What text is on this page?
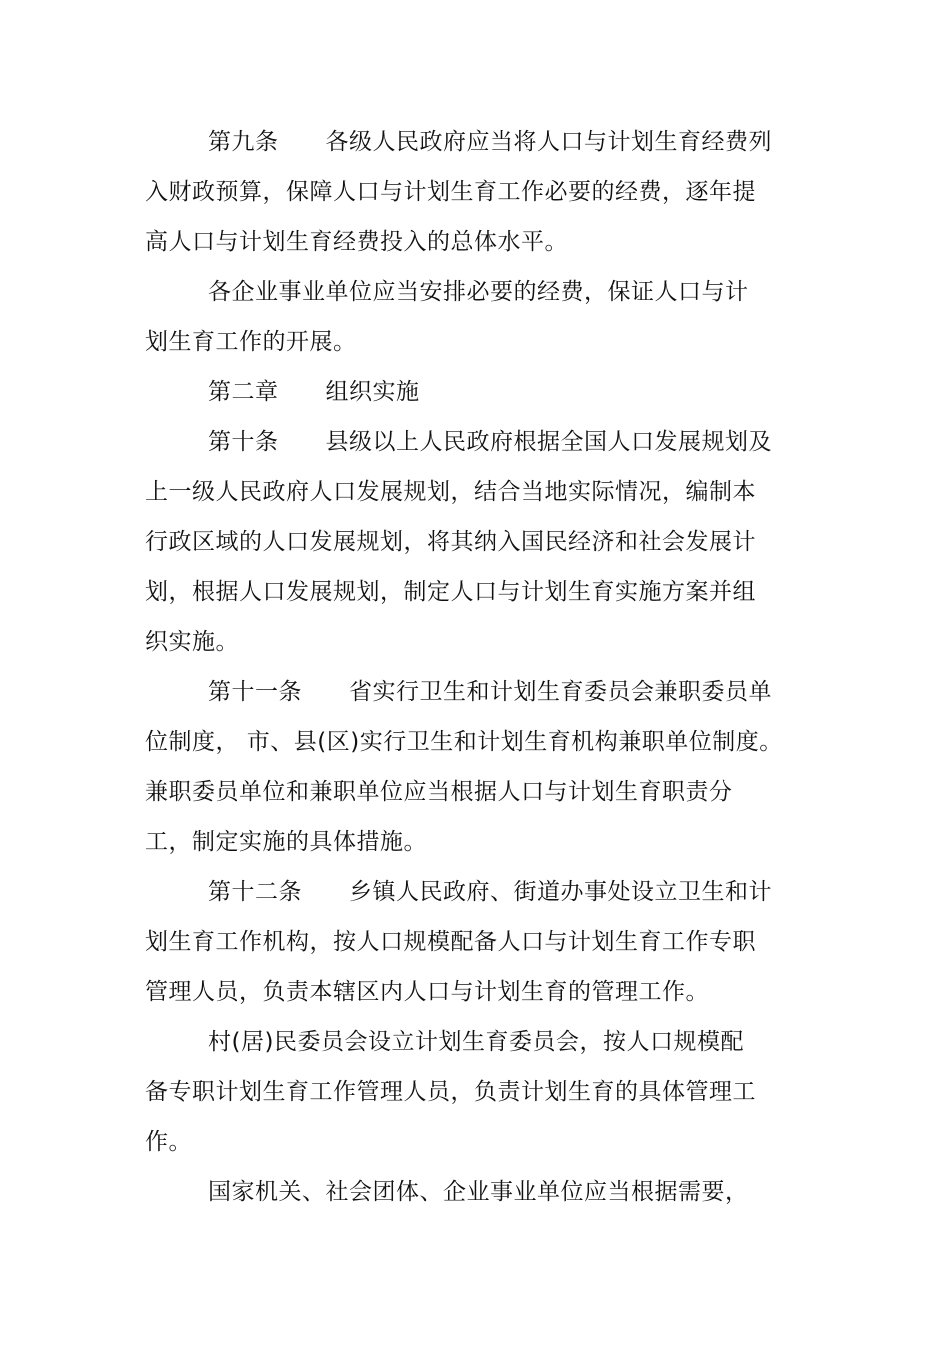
第九条　　各级人民政府应当将人口与计划生育经费列
入财政预算，保障人口与计划生育工作必要的经费，逐年提
高人口与计划生育经费投入的总体水平。
各企业事业单位应当安排必要的经费，保证人口与计
划生育工作的开展。
第二章　　组织实施
第十条　　县级以上人民政府根据全国人口发展规划及
上一级人民政府人口发展规划，结合当地实际情况，编制本
行政区域的人口发展规划，将其纳入国民经济和社会发展计
划，根据人口发展规划，制定人口与计划生育实施方案并组
织实施。
第十一条　　省实行卫生和计划生育委员会兼职委员单
位制度， 市、县(区)实行卫生和计划生育机构兼职单位制度。
兼职委员单位和兼职单位应当根据人口与计划生育职责分
工，制定实施的具体措施。
第十二条　　乡镇人民政府、街道办事处设立卫生和计
划生育工作机构，按人口规模配备人口与计划生育工作专职
管理人员，负责本辖区内人口与计划生育的管理工作。
村(居)民委员会设立计划生育委员会，按人口规模配
备专职计划生育工作管理人员，负责计划生育的具体管理工
作。
国家机关、社会团体、企业事业单位应当根据需要，
